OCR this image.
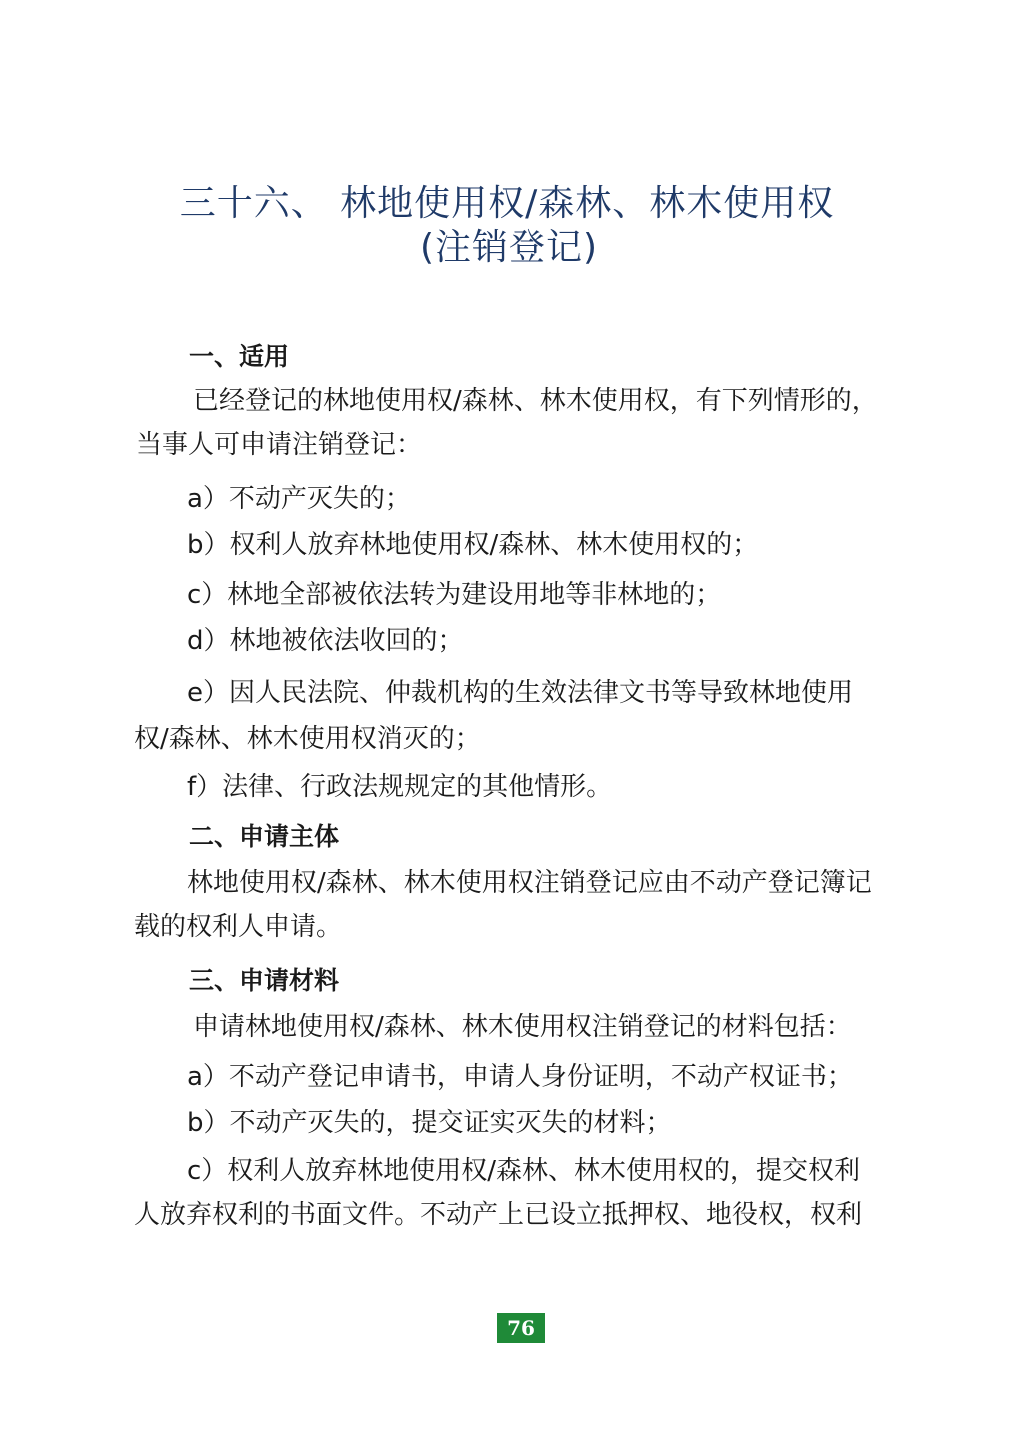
三十六、 林地使用权/森林、林木使用权
(注销登记)
一、适用
已经登记的林地使用权/森林、林木使用权，有下列情形的，
当事人可申请注销登记：
a）不动产灭失的；
b）权利人放弃林地使用权/森林、林木使用权的；
c）林地全部被依法转为建设用地等非林地的；
d）林地被依法收回的；
e）因人民法院、仲裁机构的生效法律文书等导致林地使用
权/森林、林木使用权消灭的；
f）法律、行政法规规定的其他情形。
二、申请主体
林地使用权/森林、林木使用权注销登记应由不动产登记簿记
载的权利人申请。
三、申请材料
申请林地使用权/森林、林木使用权注销登记的材料包括：
a）不动产登记申请书，申请人身份证明，不动产权证书；
b）不动产灭失的，提交证实灭失的材料；
c）权利人放弃林地使用权/森林、林木使用权的，提交权利
人放弃权利的书面文件。不动产上已设立抵押权、地役权，权利
76
